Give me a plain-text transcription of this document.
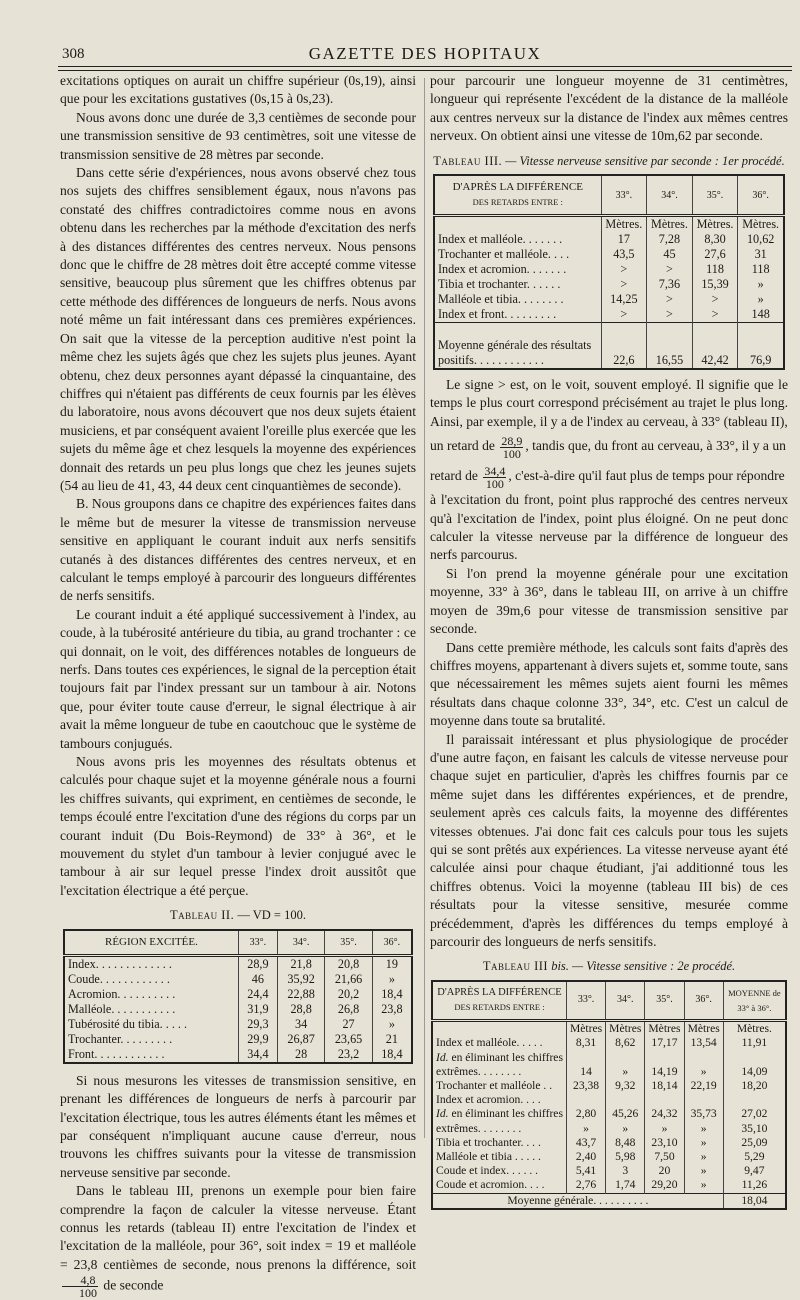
308	GAZETTE DES HOPITAUX

excitations optiques on aurait un chiffre supérieur (0s,19), ainsi que pour les excitations gustatives (0s,15 à 0s,23).

Nous avons donc une durée de 3,3 centièmes de seconde pour une transmission sensitive de 93 centimètres, soit une vitesse de transmission sensitive de 28 mètres par seconde.

Dans cette série d'expériences, nous avons observé chez tous nos sujets des chiffres sensiblement égaux, nous n'avons pas constaté des chiffres contradictoires comme nous en avons obtenu dans les recherches par la méthode d'excitation des nerfs à des distances différentes des centres nerveux. Nous pensons donc que le chiffre de 28 mètres doit être accepté comme vitesse sensitive, beaucoup plus sûrement que les chiffres obtenus par cette méthode des différences de longueurs de nerfs. Nous avons noté même un fait intéressant dans ces premières expériences. On sait que la vitesse de la perception auditive n'est point la même chez les sujets âgés que chez les sujets plus jeunes. Ayant obtenu, chez deux personnes ayant dépassé la cinquantaine, des chiffres qui n'étaient pas différents de ceux fournis par les élèves du laboratoire, nous avons découvert que nos deux sujets étaient musiciens, et par conséquent avaient l'oreille plus exercée que les sujets du même âge et chez lesquels la moyenne des expériences donnait des retards un peu plus longs que chez les jeunes sujets (54 au lieu de 41, 43, 44 deux cent cinquantièmes de seconde).

B. Nous groupons dans ce chapitre des expériences faites dans le même but de mesurer la vitesse de transmission nerveuse sensitive en appliquant le courant induit aux nerfs sensitifs cutanés à des distances différentes des centres nerveux, et en calculant le temps employé à parcourir des longueurs différentes de nerfs sensitifs.

Le courant induit a été appliqué successivement à l'index, au coude, à la tubérosité antérieure du tibia, au grand trochanter : ce qui donnait, on le voit, des différences notables de longueurs de nerfs. Dans toutes ces expériences, le signal de la perception était toujours fait par l'index pressant sur un tambour à air. Notons que, pour éviter toute cause d'erreur, le signal électrique à air avait la même longueur de tube en caoutchouc que le système de tambours conjugués.

Nous avons pris les moyennes des résultats obtenus et calculés pour chaque sujet et la moyenne générale nous a fourni les chiffres suivants, qui expriment, en centièmes de seconde, le temps écoulé entre l'excitation d'une des régions du corps par un courant induit (Du Bois-Reymond) de 33° à 36°, et le mouvement du stylet d'un tambour à levier conjugué avec le tambour à air sur lequel presse l'index droit aussitôt que l'excitation électrique a été perçue.

Tableau II. — VD = 100.
RÉGION EXCITÉE.	33°.	34°.	35°.	36°.
Index. . . . . . . . . . . . .	28,9	21,8	20,8	19
Coude. . . . . . . . . . . .	46	35,92	21,66	»
Acromion. . . . . . . . . .	24,4	22,88	20,2	18,4
Malléole. . . . . . . . . . .	31,9	28,8	26,8	23,8
Tubérosité du tibia. . . . .	29,3	34	27	»
Trochanter. . . . . . . . .	29,9	26,87	23,65	21
Front. . . . . . . . . . . .	34,4	28	23,2	18,4

Si nous mesurons les vitesses de transmission sensitive, en prenant les différences de longueurs de nerfs à parcourir par l'excitation électrique, tous les autres éléments étant les mêmes et par conséquent n'impliquant aucune cause d'erreur, nous trouvons les chiffres suivants pour la vitesse de transmission nerveuse sensitive par seconde.

Dans le tableau III, prenons un exemple pour bien faire comprendre la façon de calculer la vitesse nerveuse. Étant connus les retards (tableau II) entre l'excitation de l'index et l'excitation de la malléole, pour 36°, soit index = 19 et malléole = 23,8 centièmes de seconde, nous prenons la différence, soit
$\frac{4,8}{100}$ de seconde

pour parcourir une longueur moyenne de 31 centimètres, longueur qui représente l'excédent de la distance de la malléole aux centres nerveux sur la distance de l'index aux mêmes centres nerveux. On obtient ainsi une vitesse de 10m,62 par seconde.

Tableau III. — Vitesse nerveuse sensitive par seconde : 1er procédé.
D'APRÈS LA DIFFÉRENCE
DES RETARDS ENTRE :	33°.	34°.	35°.	36°.
	Mètres.	Mètres.	Mètres.	Mètres.
Index et malléole. . . . . . .	17	7,28	8,30	10,62
Trochanter et malléole. . . .	43,5	45	27,6	31
Index et acromion. . . . . . .	>	>	118	118
Tibia et trochanter. . . . . .	>	7,36	15,39	»
Malléole et tibia. . . . . . . .	14,25	>	>	»
Index et front. . . . . . . . .	>	>	>	148

Moyenne générale des résultats				
positifs. . . . . . . . . . . .	22,6	16,55	42,42	76,9

Le signe > est, on le voit, souvent employé. Il signifie que le temps le plus court correspond précisément au trajet le plus long. Ainsi, par exemple, il y a de l'index au cerveau, à 33° (tableau II),

un retard de $\frac{28,9}{100}$ , tandis que, du front au cerveau, à 33°, il y a un
retard de $\frac{34,4}{100}$ , c'est-à-dire qu'il faut plus de temps pour répondre

à l'excitation du front, point plus rapproché des centres nerveux qu'à l'excitation de l'index, point plus éloigné. On ne peut donc calculer la vitesse nerveuse par la différence de longueur des nerfs parcourus.

Si l'on prend la moyenne générale pour une excitation moyenne, 33° à 36°, dans le tableau III, on arrive à un chiffre moyen de 39m,6 pour vitesse de transmission sensitive par seconde.

Dans cette première méthode, les calculs sont faits d'après des chiffres moyens, appartenant à divers sujets et, somme toute, sans que nécessairement les mêmes sujets aient fourni les mêmes résultats dans chaque colonne 33°, 34°, etc. C'est un calcul de moyenne dans toute sa brutalité.

Il paraissait intéressant et plus physiologique de procéder d'une autre façon, en faisant les calculs de vitesse nerveuse pour chaque sujet en particulier, d'après les chiffres fournis par ce même sujet dans les différentes expériences, et de prendre, seulement après ces calculs faits, la moyenne des différentes vitesses obtenues. J'ai donc fait ces calculs pour tous les sujets qui se sont prêtés aux expériences. La vitesse nerveuse ayant été calculée ainsi pour chaque étudiant, j'ai additionné tous les chiffres obtenus. Voici la moyenne (tableau III bis) de ces résultats pour la vitesse sensitive, mesurée comme précédemment, d'après les différences du temps employé à parcourir des longueurs de nerfs sensitifs.

Tableau III bis. — Vitesse sensitive : 2e procédé.
D'APRÈS LA DIFFÉRENCE
DES RETARDS ENTRE :	33°.	34°.	35°.	36°.	MOYENNE de 33° à 36°.
	Mètres	Mètres	Mètres	Mètres	Mètres.
Index et malléole. . . . .	8,31	8,62	17,17	13,54	11,91
Id. en éliminant les chiffres					
extrêmes. . . . . . . .	14	»	14,19	»	14,09
Trochanter et malléole . .	23,38	9,32	18,14	22,19	18,20
Index et acromion. . . .					
Id. en éliminant les chiffres	2,80	45,26	24,32	35,73	27,02
extrêmes. . . . . . . .	»	»	»	»	35,10
Tibia et trochanter. . . .	43,7	8,48	23,10	»	25,09
Malléole et tibia . . . . .	2,40	5,98	7,50	»	5,29
Coude et index. . . . . .	5,41	3	20	»	9,47
Coude et acromion. . . .	2,76	1,74	29,20	»	11,26
Moyenne générale. . . . . . . . . .					18,04
